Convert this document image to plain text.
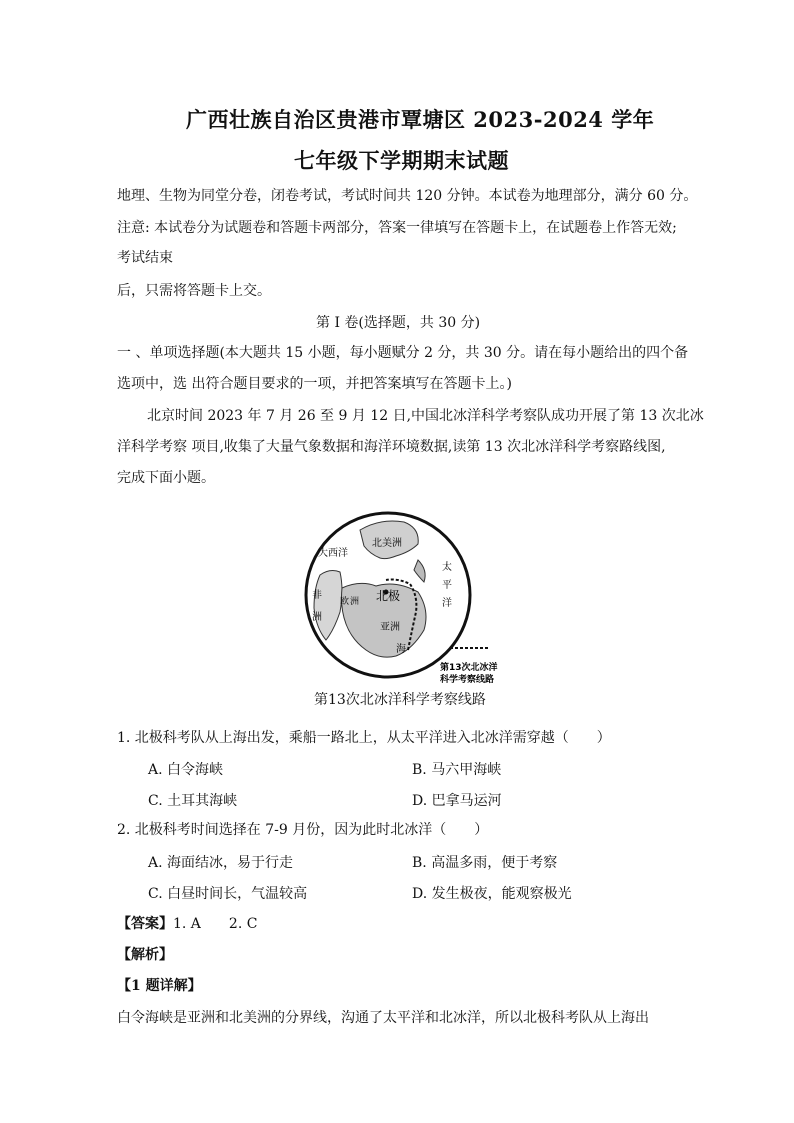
广西壮族自治区贵港市覃塘区 2023-2024 学年
七年级下学期期末试题
地理、生物为同堂分卷，闭卷考试，考试时间共 120 分钟。本试卷为地理部分，满分 60 分。
注意: 本试卷分为试题卷和答题卡两部分，答案一律填写在答题卡上，在试题卷上作答无效;
考试结束
后，只需将答题卡上交。
第 I 卷(选择题，共 30 分)
一 、单项选择题(本大题共 15 小题，每小题赋分 2 分，共 30 分。请在每小题给出的四个备
选项中，选 出符合题目要求的一项，并把答案填写在答题卡上。)
北京时间 2023 年 7 月 26 至 9 月 12 日,中国北冰洋科学考察队成功开展了第 13 次北冰
洋科学考察 项目,收集了大量气象数据和海洋环境数据,读第 13 次北冰洋科学考察路线图,
完成下面小题。
大西洋
北美洲
太
平
洋
非
洲
欧 洲 北极
亚洲
海
第13次北冰洋
科学考察线路
第13次北冰洋科学考察线路
1. 北极科考队从上海出发，乘船一路北上，从太平洋进入北冰洋需穿越（　　）
A. 白令海峡	B. 马六甲海峡
C. 土耳其海峡	D. 巴拿马运河
2. 北极科考时间选择在 7-9 月份，因为此时北冰洋（　　）
A. 海面结冰，易于行走	B. 高温多雨，便于考察
C. 白昼时间长，气温较高	D. 发生极夜，能观察极光
【答案】1. A　　2. C
【解析】
【1 题详解】
白令海峡是亚洲和北美洲的分界线，沟通了太平洋和北冰洋，所以北极科考队从上海出
